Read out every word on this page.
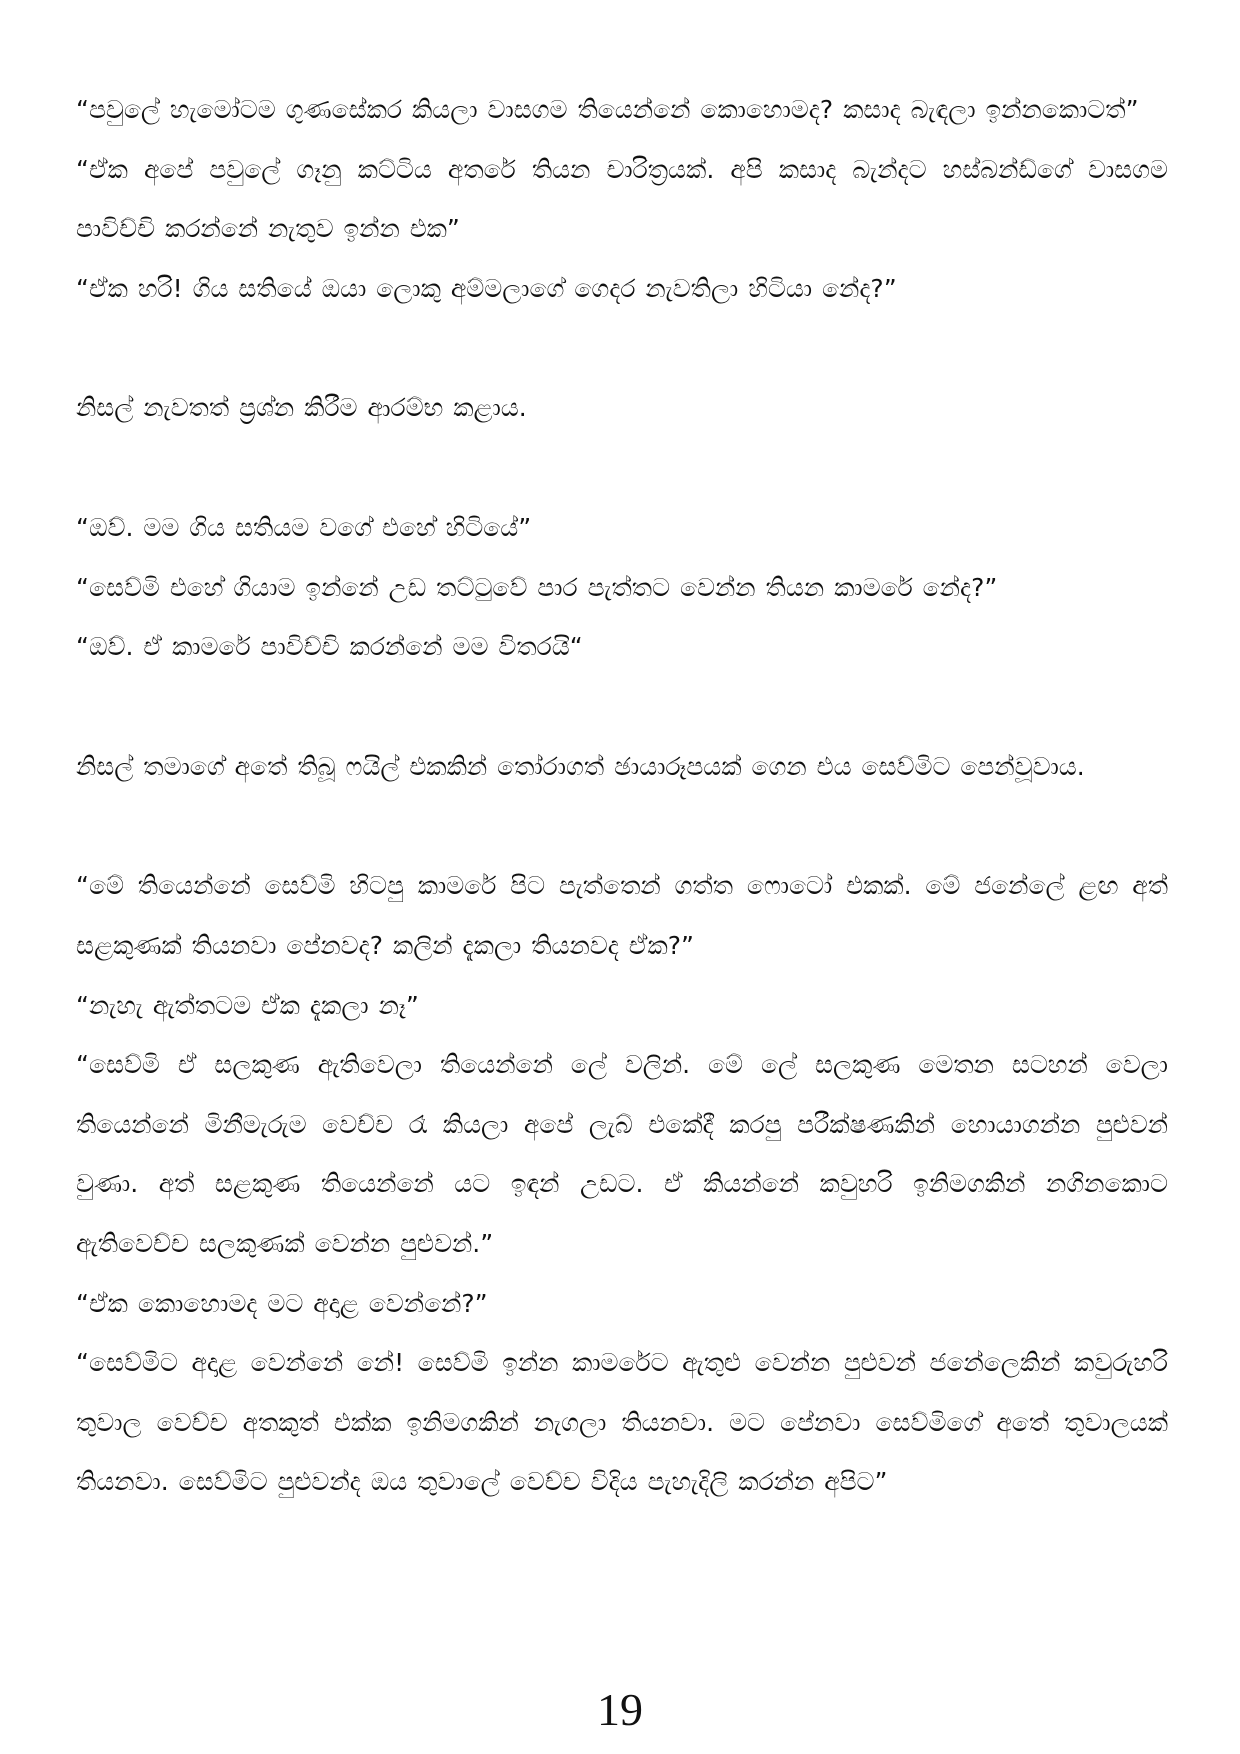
“පවුලේ හැමෝටම ගුණසේකර කියලා වාසගම තියෙන්නේ කොහොමද? කසාද බැඳලා ඉන්නකොටත්”

“ඒක අපේ පවුලේ ගෑනු කට්ටිය අතරේ තියන චාරිත්‍රයක්. අපි කසාද බැන්දට හස්බන්ඩ්ගේ වාසගම පාවිච්චි කරන්නේ නැතුව ඉන්න එක”

“ඒක හරි! ගිය සතියේ ඔයා ලොකු අම්මලාගේ ගෙදර නැවතිලා හිටියා නේද?”

නිසල් නැවතත් ප්‍රශ්න කිරීම ආරම්භ කළාය.

“ඔව්. මම ගිය සතියම වගේ එහේ හිටියේ”

“සෙව්මි එහේ ගියාම ඉන්නේ උඩ තට්ටුවේ පාර පැත්තට වෙන්න තියන කාමරේ නේද?”

“ඔව්. ඒ කාමරේ පාවිච්චි කරන්නේ මම විතරයි“

නිසල් තමාගේ අතේ තිබූ ෆයිල් එකකින් තෝරාගත් ඡායාරූපයක් ගෙන එය සෙව්මිට පෙන්වූවාය.

“මේ තියෙන්නේ සෙව්මි හිටපු කාමරේ පිට පැත්තෙන් ගත්ත ෆොටෝ එකක්. මේ ජනේලේ ළඟ අත් සළකුණක් තියනවා පේනවද? කලින් දැකලා තියනවද ඒක?”

“නැහැ ඇත්තටම ඒක දැකලා නෑ”

“සෙව්මි ඒ සලකුණ ඇතිවෙලා තියෙන්නේ ලේ වලින්. මේ ලේ සලකුණ මෙතන සටහන් වෙලා තියෙන්නේ මිනීමැරුම වෙච්ච රෑ කියලා අපේ ලැබ් එකේදී කරපු පරීක්ෂණකින් හොයාගන්න පුළුවන් වුණා. අත් සළකුණ තියෙන්නේ යට ඉඳන් උඩට. ඒ කියන්නේ කවුහරි ඉනිමගකින් නගිනකොට ඇතිවෙච්ච සලකුණක් වෙන්න පුළුවන්.”

“ඒක කොහොමද මට අදාළ වෙන්නේ?”

“සෙව්මිට අදාළ වෙන්නේ නේ! සෙව්මි ඉන්න කාමරේට ඇතුළු වෙන්න පුළුවන් ජනේලෙකින් කවුරුහරි තුවාල වෙච්ච අතකුත් එක්ක ඉනිමගකින් නැගලා තියනවා. මට පේනවා සෙව්මිගේ අතේ තුවාලයක් තියනවා. සෙව්මිට පුළුවන්ද ඔය තුවාලේ වෙච්ච විදිය පැහැදිලි කරන්න අපිට”

19
